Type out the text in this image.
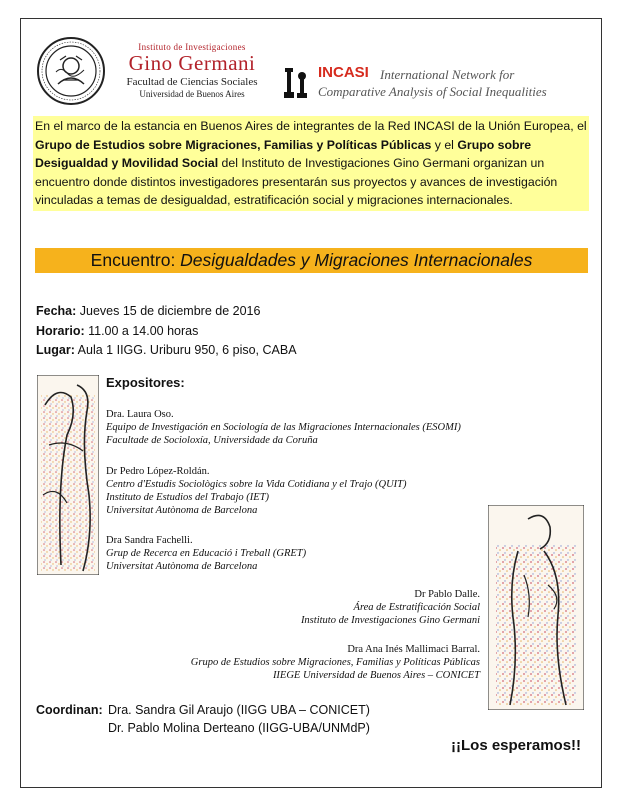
Instituto de Investigaciones
Gino Germani
Facultad de Ciencias Sociales
Universidad de Buenos Aires
INCASI International Network for
Comparative Analysis of Social Inequalities
En el marco de la estancia en Buenos Aires de integrantes de la Red INCASI de la Unión Europea, el Grupo de Estudios sobre Migraciones, Familias y Políticas Públicas y el Grupo sobre Desigualdad y Movilidad Social del Instituto de Investigaciones Gino Germani organizan un encuentro donde distintos investigadores presentarán sus proyectos y avances de investigación vinculadas a temas de desigualdad, estratificación social y migraciones internacionales.
Encuentro: Desigualdades y Migraciones Internacionales
Fecha: Jueves 15 de diciembre de 2016
Horario: 11.00 a 14.00 horas
Lugar: Aula 1 IIGG. Uriburu 950, 6 piso, CABA
Expositores:
Dra. Laura Oso.
Equipo de Investigación en Sociología de las Migraciones Internacionales (ESOMI)
Facultade de Socioloxía, Universidade da Coruña
Dr Pedro López-Roldán.
Centro d'Estudis Sociològics sobre la Vida Cotidiana y el Trajo (QUIT)
Instituto de Estudios del Trabajo (IET)
Universitat Autònoma de Barcelona
Dra Sandra Fachelli.
Grup de Recerca en Educació i Treball (GRET)
Universitat Autònoma de Barcelona
Dr Pablo Dalle.
Área de Estratificación Social
Instituto de Investigaciones Gino Germani
Dra Ana Inés Mallimaci Barral.
Grupo de Estudios sobre Migraciones, Familias y Políticas Públicas
IIEGE Universidad de Buenos Aires – CONICET
Coordinan: Dra. Sandra Gil Araujo (IIGG UBA – CONICET)
Dr. Pablo Molina Derteano (IIGG-UBA/UNMdP)
¡¡Los esperamos!!
